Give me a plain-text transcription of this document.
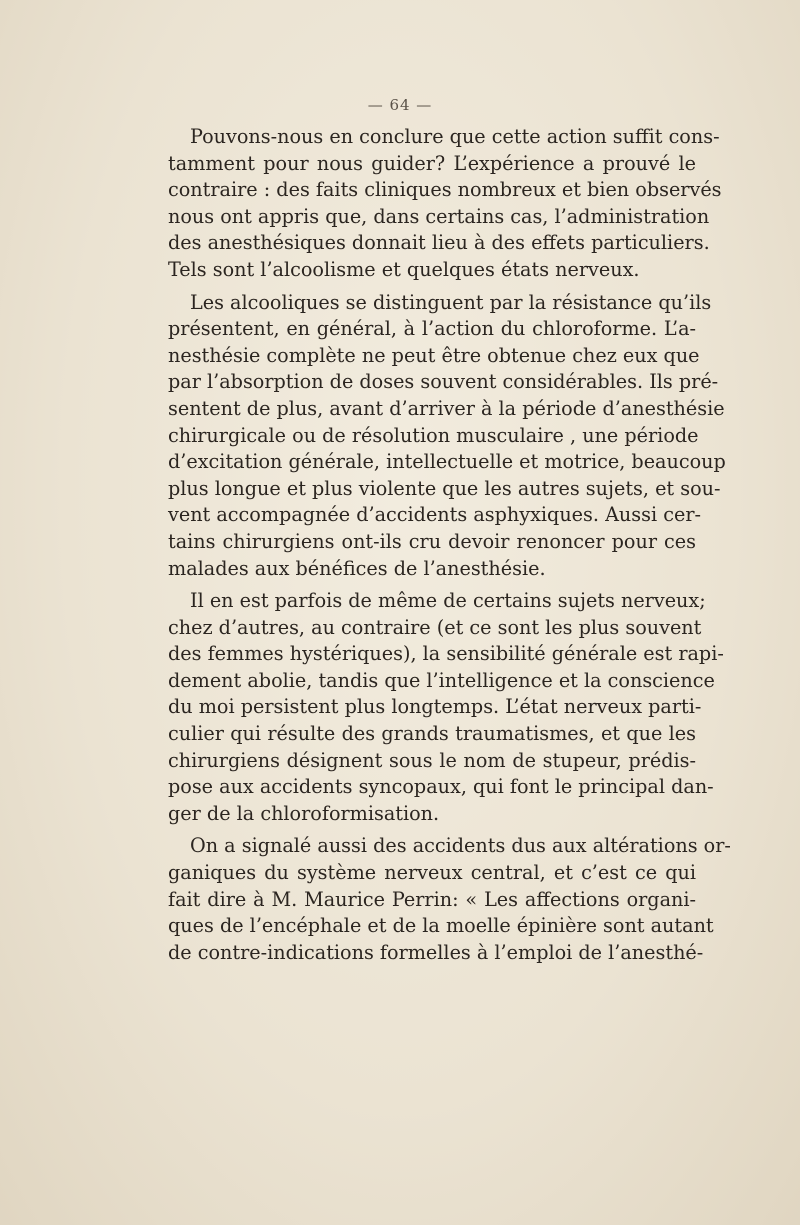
— 64 —
Pouvons-nous en conclure que cette action suffit cons-
tamment pour nous guider? L’expérience a prouvé le
contraire : des faits cliniques nombreux et bien observés
nous ont appris que, dans certains cas, l’administration
des anesthésiques donnait lieu à des effets particuliers.
Tels sont l’alcoolisme et quelques états nerveux.
Les alcooliques se distinguent par la résistance qu’ils
présentent, en général, à l’action du chloroforme. L’a-
nesthésie complète ne peut être obtenue chez eux que
par l’absorption de doses souvent considérables. Ils pré-
sentent de plus, avant d’arriver à la période d’anesthésie
chirurgicale ou de résolution musculaire , une période
d’excitation générale, intellectuelle et motrice, beaucoup
plus longue et plus violente que les autres sujets, et sou-
vent accompagnée d’accidents asphyxiques. Aussi cer-
tains chirurgiens ont-ils cru devoir renoncer pour ces
malades aux bénéfices de l’anesthésie.
Il en est parfois de même de certains sujets nerveux;
chez d’autres, au contraire (et ce sont les plus souvent
des femmes hystériques), la sensibilité générale est rapi-
dement abolie, tandis que l’intelligence et la conscience
du moi persistent plus longtemps. L’état nerveux parti-
culier qui résulte des grands traumatismes, et que les
chirurgiens désignent sous le nom de stupeur, prédis-
pose aux accidents syncopaux, qui font le principal dan-
ger de la chloroformisation.
On a signalé aussi des accidents dus aux altérations or-
ganiques du système nerveux central, et c’est ce qui
fait dire à M. Maurice Perrin: « Les affections organi-
ques de l’encéphale et de la moelle épinière sont autant
de contre-indications formelles à l’emploi de l’anesthé-
